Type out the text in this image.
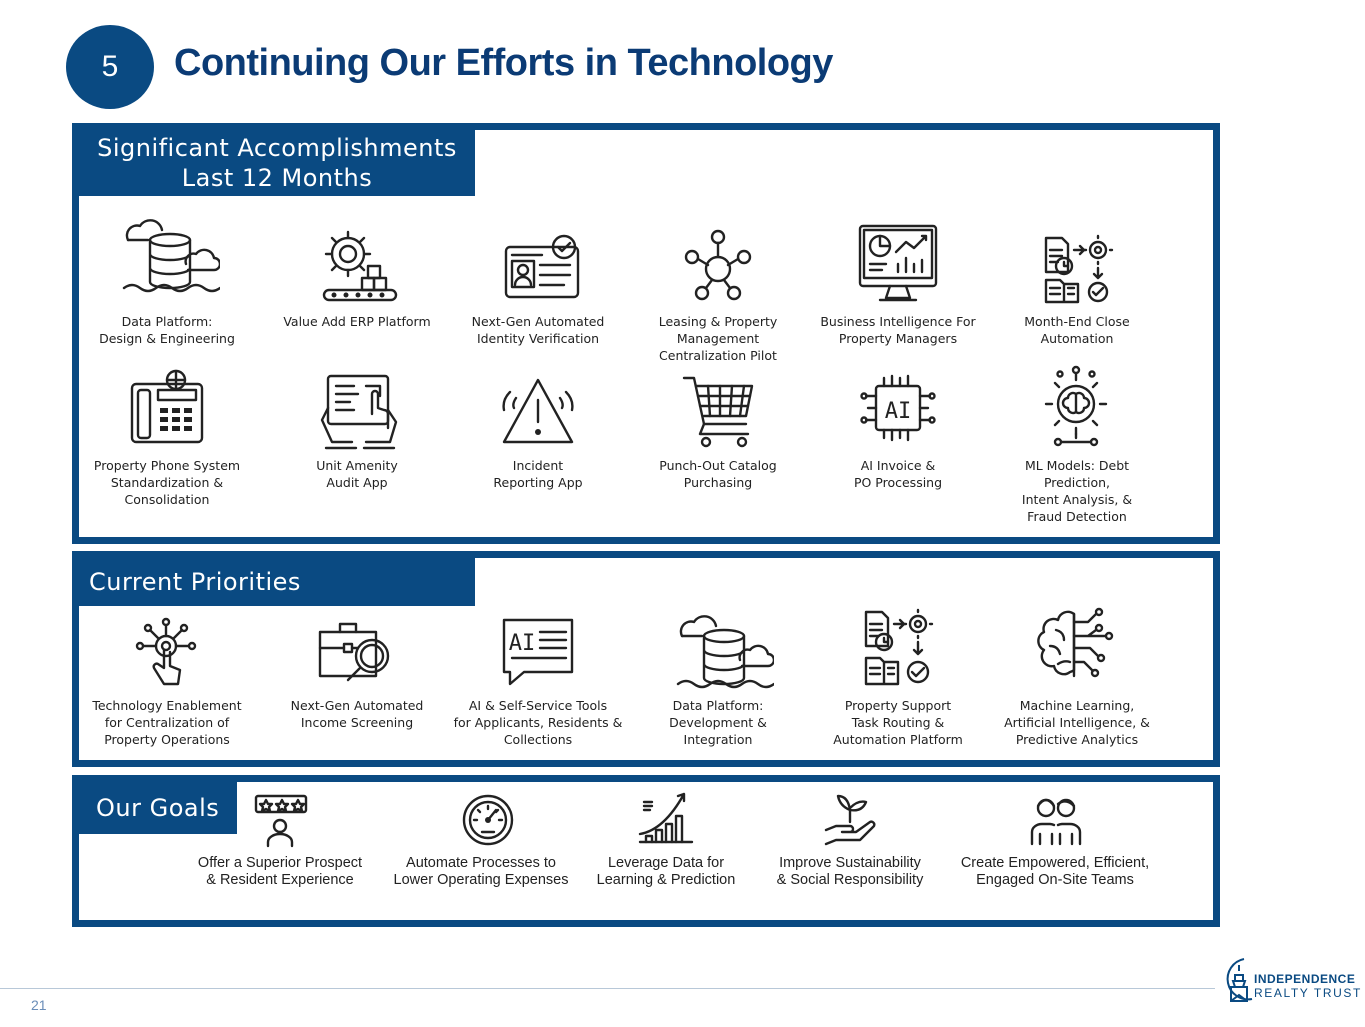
5	Continuing Our Efforts in Technology
Significant Accomplishments
Last 12 Months
Current Priorities
Our Goals
AI
AI
Data Platform:
Design & Engineering
Value Add ERP Platform	Next-Gen Automated
Identity Verification
Leasing & Property
Management
Centralization Pilot
Business Intelligence For
Property Managers
Month-End Close
Automation
Property Phone System
Standardization &
Consolidation
Unit Amenity
Audit App
Incident
Reporting App
Punch-Out Catalog
Purchasing
AI Invoice &
PO Processing
ML Models: Debt
Prediction,
Intent Analysis, &
Fraud Detection
Technology Enablement
for Centralization of
Property Operations
Next-Gen Automated
Income Screening
AI & Self-Service Tools
for Applicants, Residents &
Collections
Data Platform:
Development &
Integration
Property Support
Task Routing &
Automation Platform
Machine Learning,
Artificial Intelligence, &
Predictive Analytics
Offer a Superior Prospect
& Resident Experience
Automate Processes to
Lower Operating Expenses
Leverage Data for
Learning & Prediction
Improve Sustainability
& Social Responsibility
Create Empowered, Efficient,
Engaged On-Site Teams
21
INDEPENDENCE
REALTY TRUST
